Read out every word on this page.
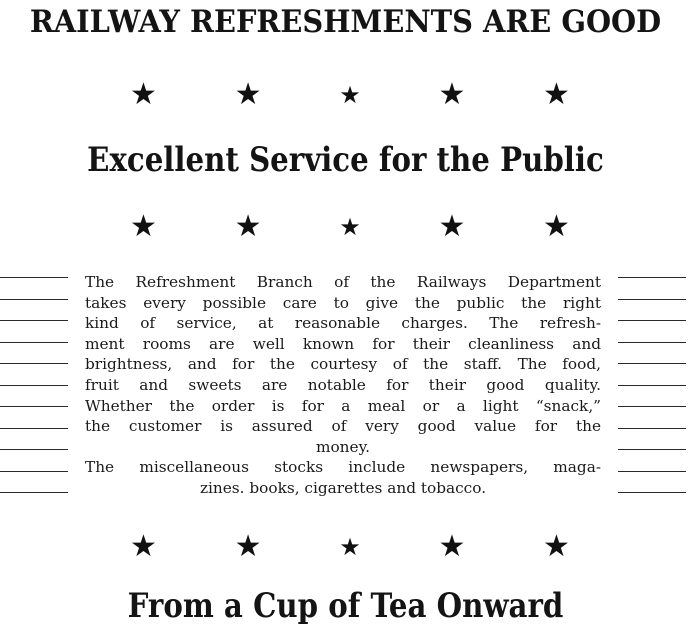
RAILWAY REFRESHMENTS ARE GOOD
★	★	★	★	★
Excellent Service for the Public
★	★	★	★	★

The Refreshment Branch of the Railways Department

takes every possible care to give the public the right

kind of service, at reasonable charges. The refresh-

ment rooms are well known for their cleanliness and

brightness, and for the courtesy of the staff. The food,

fruit and sweets are notable for their good quality.

Whether the order is for a meal or a light “snack,”

the customer is assured of very good value for the

money.

The miscellaneous stocks include newspapers, maga-

zines. books, cigarettes and tobacco.

★	★	★	★	★
From a Cup of Tea Onward
